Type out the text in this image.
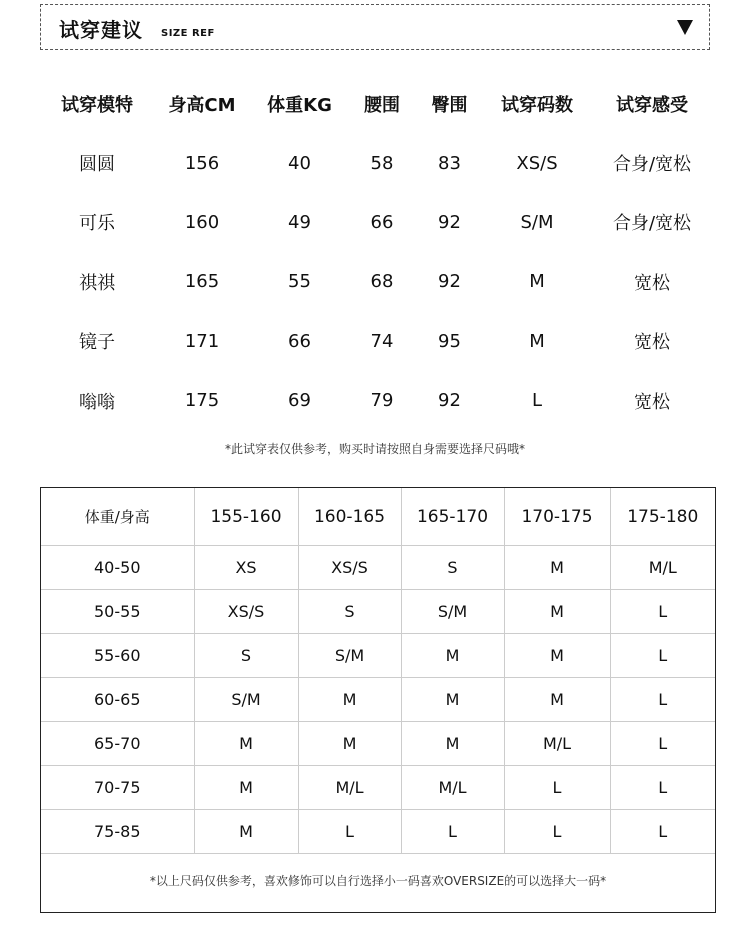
试穿建议 SIZE REF
试穿模特	身高CM	体重KG	腰围	臀围	试穿码数	试穿感受
圆圆	156	40	58	83	XS/S	合身/宽松
可乐	160	49	66	92	S/M	合身/宽松
祺祺	165	55	68	92	M	宽松
镜子	171	66	74	95	M	宽松
嗡嗡	175	69	79	92	L	宽松
*此试穿表仅供参考，购买时请按照自身需要选择尺码哦*
体重/身高	155-160	160-165	165-170	170-175	175-180
40-50	XS	XS/S	S	M	M/L
50-55	XS/S	S	S/M	M	L
55-60	S	S/M	M	M	L
60-65	S/M	M	M	M	L
65-70	M	M	M	M/L	L
70-75	M	M/L	M/L	L	L
75-85	M	L	L	L	L
*以上尺码仅供参考，喜欢修饰可以自行选择小一码喜欢OVERSIZE的可以选择大一码*
